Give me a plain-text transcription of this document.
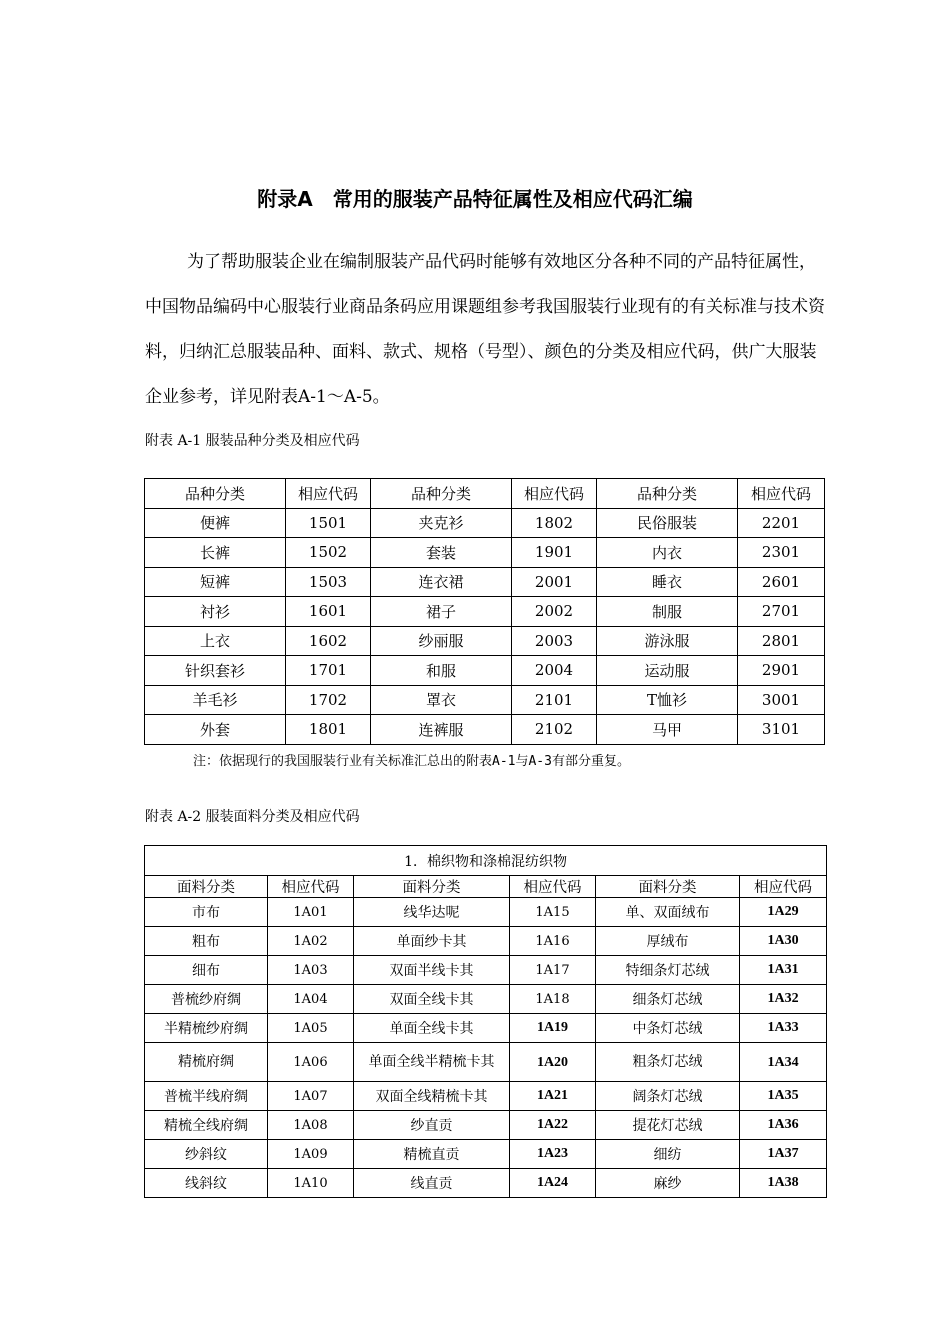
附录A　常用的服装产品特征属性及相应代码汇编

为了帮助服装企业在编制服装产品代码时能够有效地区分各种不同的产品特征属性，中国物品编码中心服装行业商品条码应用课题组参考我国服装行业现有的有关标准与技术资料，归纳汇总服装品种、面料、款式、规格（号型）、颜色的分类及相应代码，供广大服装企业参考，详见附表A-1～A-5。

附表 A-1 服装品种分类及相应代码
品种分类	相应代码	品种分类	相应代码	品种分类	相应代码
便裤	1501	夹克衫	1802	民俗服装	2201
长裤	1502	套装	1901	内衣	2301
短裤	1503	连衣裙	2001	睡衣	2601
衬衫	1601	裙子	2002	制服	2701
上衣	1602	纱丽服	2003	游泳服	2801
针织套衫	1701	和服	2004	运动服	2901
羊毛衫	1702	罩衣	2101	T恤衫	3001
外套	1801	连裤服	2102	马甲	3101
注：依据现行的我国服装行业有关标准汇总出的附表A-1与A-3有部分重复。
附表 A-2 服装面料分类及相应代码
1．棉织物和涤棉混纺织物					
面料分类	相应代码	面料分类	相应代码	面料分类	相应代码
市布	1A01	线华达呢	1A15	单、双面绒布	1A29
粗布	1A02	单面纱卡其	1A16	厚绒布	1A30
细布	1A03	双面半线卡其	1A17	特细条灯芯绒	1A31
普梳纱府绸	1A04	双面全线卡其	1A18	细条灯芯绒	1A32
半精梳纱府绸	1A05	单面全线卡其	1A19	中条灯芯绒	1A33
精梳府绸	1A06	单面全线半精梳卡其	1A20	粗条灯芯绒	1A34
普梳半线府绸	1A07	双面全线精梳卡其	1A21	阔条灯芯绒	1A35
精梳全线府绸	1A08	纱直贡	1A22	提花灯芯绒	1A36
纱斜纹	1A09	精梳直贡	1A23	细纺	1A37
线斜纹	1A10	线直贡	1A24	麻纱	1A38
